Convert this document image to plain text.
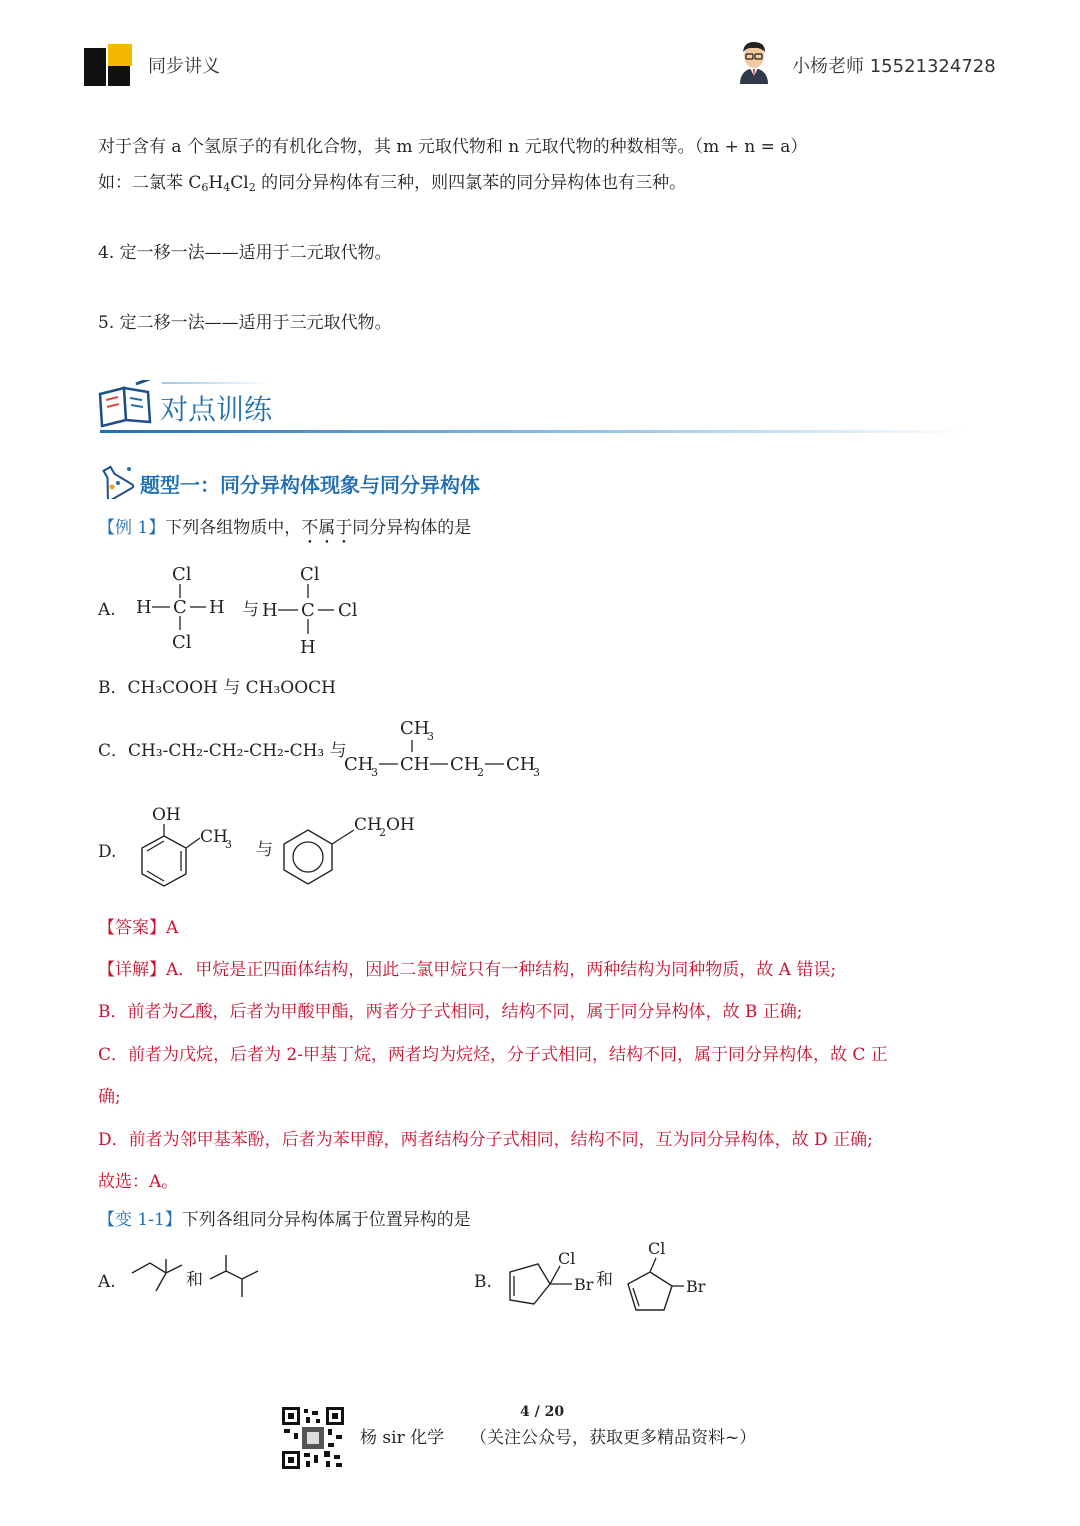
同步讲义	小杨老师 15521324728
对于含有 a 个氢原子的有机化合物，其 m 元取代物和 n 元取代物的种数相等。（m + n = a）
如：二氯苯 $C_6H_4Cl_2$ 的同分异构体有三种，则四氯苯的同分异构体也有三种。
4. 定一移一法——适用于二元取代物。
5. 定二移一法——适用于三元取代物。
对点训练
题型一：同分异构体现象与同分异构体
【例 1】下列各组物质中，不属于同分异构体的是
A.
Cl
H C H
Cl
与
Cl
H C Cl
H
B．CH₃COOH 与 CH₃OOCH
C．CH₃-CH₂-CH₂-CH₂-CH₃ 与
CH
3
CH
3 CH CH
2 CH
3
D.
OH
CH
3 与
CH
2 OH
【答案】A
【详解】A．甲烷是正四面体结构，因此二氯甲烷只有一种结构，两种结构为同种物质，故 A 错误;
B．前者为乙酸，后者为甲酸甲酯，两者分子式相同，结构不同，属于同分异构体，故 B 正确;
C．前者为戊烷，后者为 2-甲基丁烷，两者均为烷烃，分子式相同，结构不同，属于同分异构体，故 C 正
确;
D．前者为邻甲基苯酚，后者为苯甲醇，两者结构分子式相同，结构不同，互为同分异构体，故 D 正确;
故选：A。
【变 1-1】下列各组同分异构体属于位置异构的是
A.	和	B.
Cl
Br 和
Cl
Br
4 / 20
杨 sir 化学 （关注公众号，获取更多精品资料~）
